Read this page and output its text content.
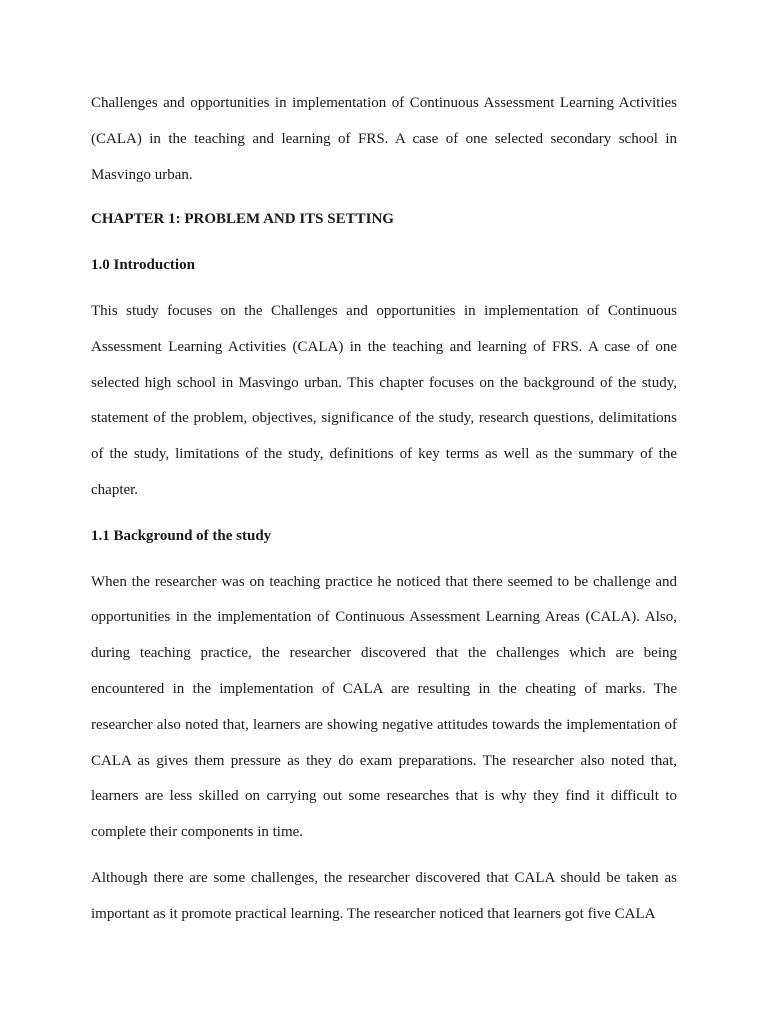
Challenges and opportunities in implementation of Continuous Assessment Learning Activities (CALA) in the teaching and learning of FRS. A case of one selected secondary school in Masvingo urban.

CHAPTER 1: PROBLEM AND ITS SETTING

1.0 Introduction

This study focuses on the Challenges and opportunities in implementation of Continuous Assessment Learning Activities (CALA) in the teaching and learning of FRS. A case of one selected high school in Masvingo urban. This chapter focuses on the background of the study, statement of the problem, objectives, significance of the study, research questions, delimitations of the study, limitations of the study, definitions of key terms as well as the summary of the chapter.

1.1 Background of the study

When the researcher was on teaching practice he noticed that there seemed to be challenge and opportunities in the implementation of Continuous Assessment Learning Areas (CALA). Also, during teaching practice, the researcher discovered that the challenges which are being encountered in the implementation of CALA are resulting in the cheating of marks. The researcher also noted that, learners are showing negative attitudes towards the implementation of CALA as gives them pressure as they do exam preparations. The researcher also noted that, learners are less skilled on carrying out some researches that is why they find it difficult to complete their components in time.

Although there are some challenges, the researcher discovered that CALA should be taken as important as it promote practical learning. The researcher noticed that learners got five CALA
